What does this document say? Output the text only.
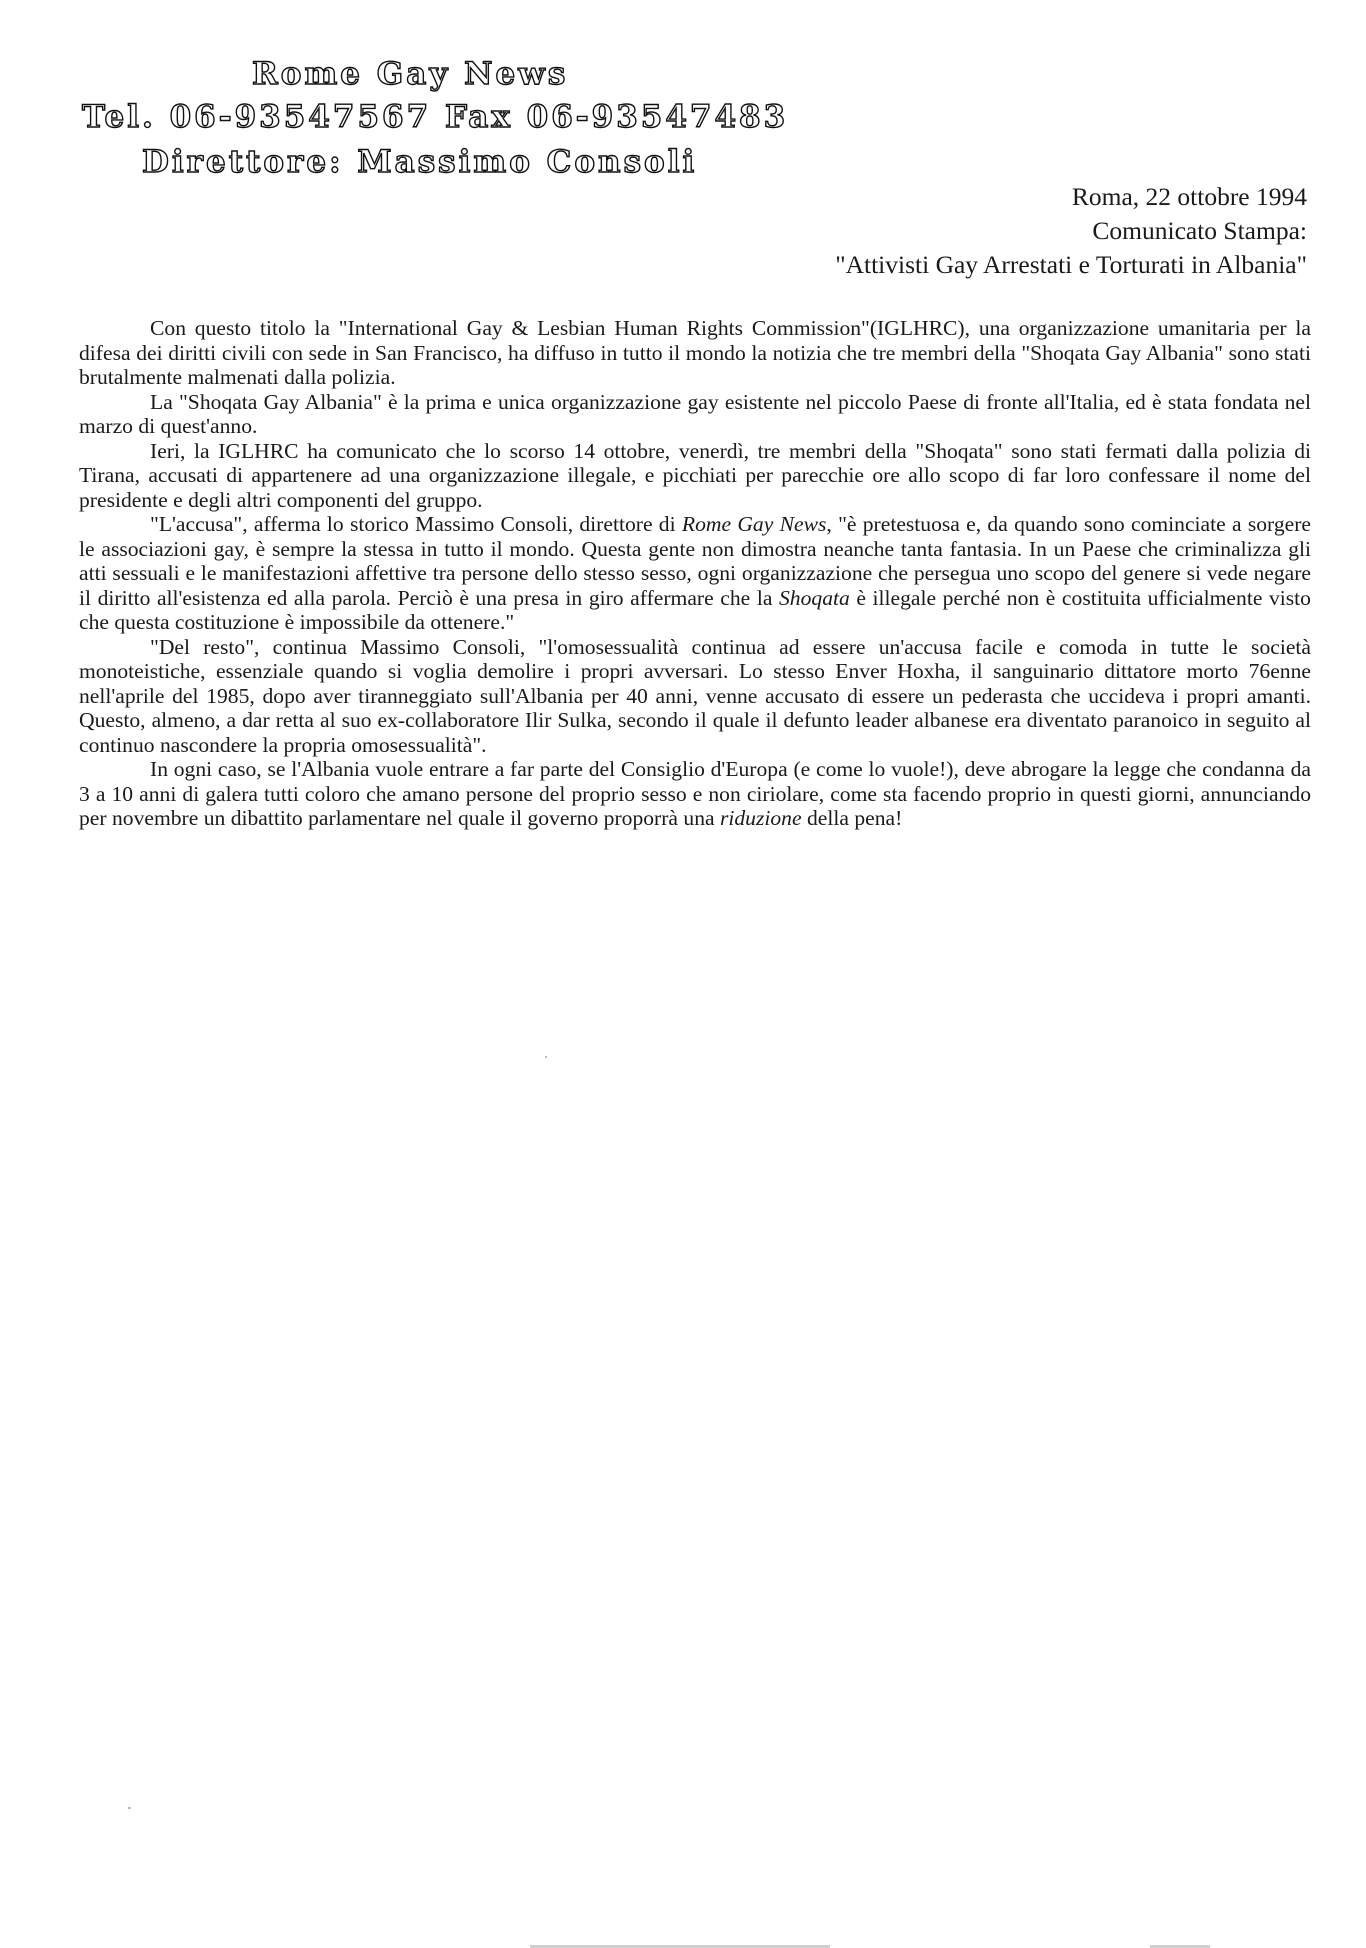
Rome Gay News
Tel. 06-93547567 Fax 06-93547483
Direttore: Massimo Consoli
Roma, 22 ottobre 1994
Comunicato Stampa:
"Attivisti Gay Arrestati e Torturati in Albania"

Con questo titolo la "International Gay & Lesbian Human Rights Commission"(IGLHRC), una organizzazione umanitaria per la difesa dei diritti civili con sede in San Francisco, ha diffuso in tutto il mondo la notizia che tre membri della "Shoqata Gay Albania" sono stati brutalmente malmenati dalla polizia.

La "Shoqata Gay Albania" è la prima e unica organizzazione gay esistente nel piccolo Paese di fronte all'Italia, ed è stata fondata nel marzo di quest'anno.

Ieri, la IGLHRC ha comunicato che lo scorso 14 ottobre, venerdì, tre membri della "Shoqata" sono stati fermati dalla polizia di Tirana, accusati di appartenere ad una organizzazione illegale, e picchiati per parecchie ore allo scopo di far loro confessare il nome del presidente e degli altri componenti del gruppo.

"L'accusa", afferma lo storico Massimo Consoli, direttore di Rome Gay News, "è pretestuosa e, da quando sono cominciate a sorgere le associazioni gay, è sempre la stessa in tutto il mondo. Questa gente non dimostra neanche tanta fantasia. In un Paese che criminalizza gli atti sessuali e le manifestazioni affettive tra persone dello stesso sesso, ogni organizzazione che persegua uno scopo del genere si vede negare il diritto all'esistenza ed alla parola. Perciò è una presa in giro affermare che la Shoqata è illegale perché non è costituita ufficialmente visto che questa costituzione è impossibile da ottenere."

"Del resto", continua Massimo Consoli, "l'omosessualità continua ad essere un'accusa facile e comoda in tutte le società monoteistiche, essenziale quando si voglia demolire i propri avversari. Lo stesso Enver Hoxha, il sanguinario dittatore morto 76enne nell'aprile del 1985, dopo aver tiranneggiato sull'Albania per 40 anni, venne accusato di essere un pederasta che uccideva i propri amanti. Questo, almeno, a dar retta al suo ex-collaboratore Ilir Sulka, secondo il quale il defunto leader albanese era diventato paranoico in seguito al continuo nascondere la propria omosessualità".

In ogni caso, se l'Albania vuole entrare a far parte del Consiglio d'Europa (e come lo vuole!), deve abrogare la legge che condanna da 3 a 10 anni di galera tutti coloro che amano persone del proprio sesso e non ciriolare, come sta facendo proprio in questi giorni, annunciando per novembre un dibattito parlamentare nel quale il governo proporrà una riduzione della pena!
